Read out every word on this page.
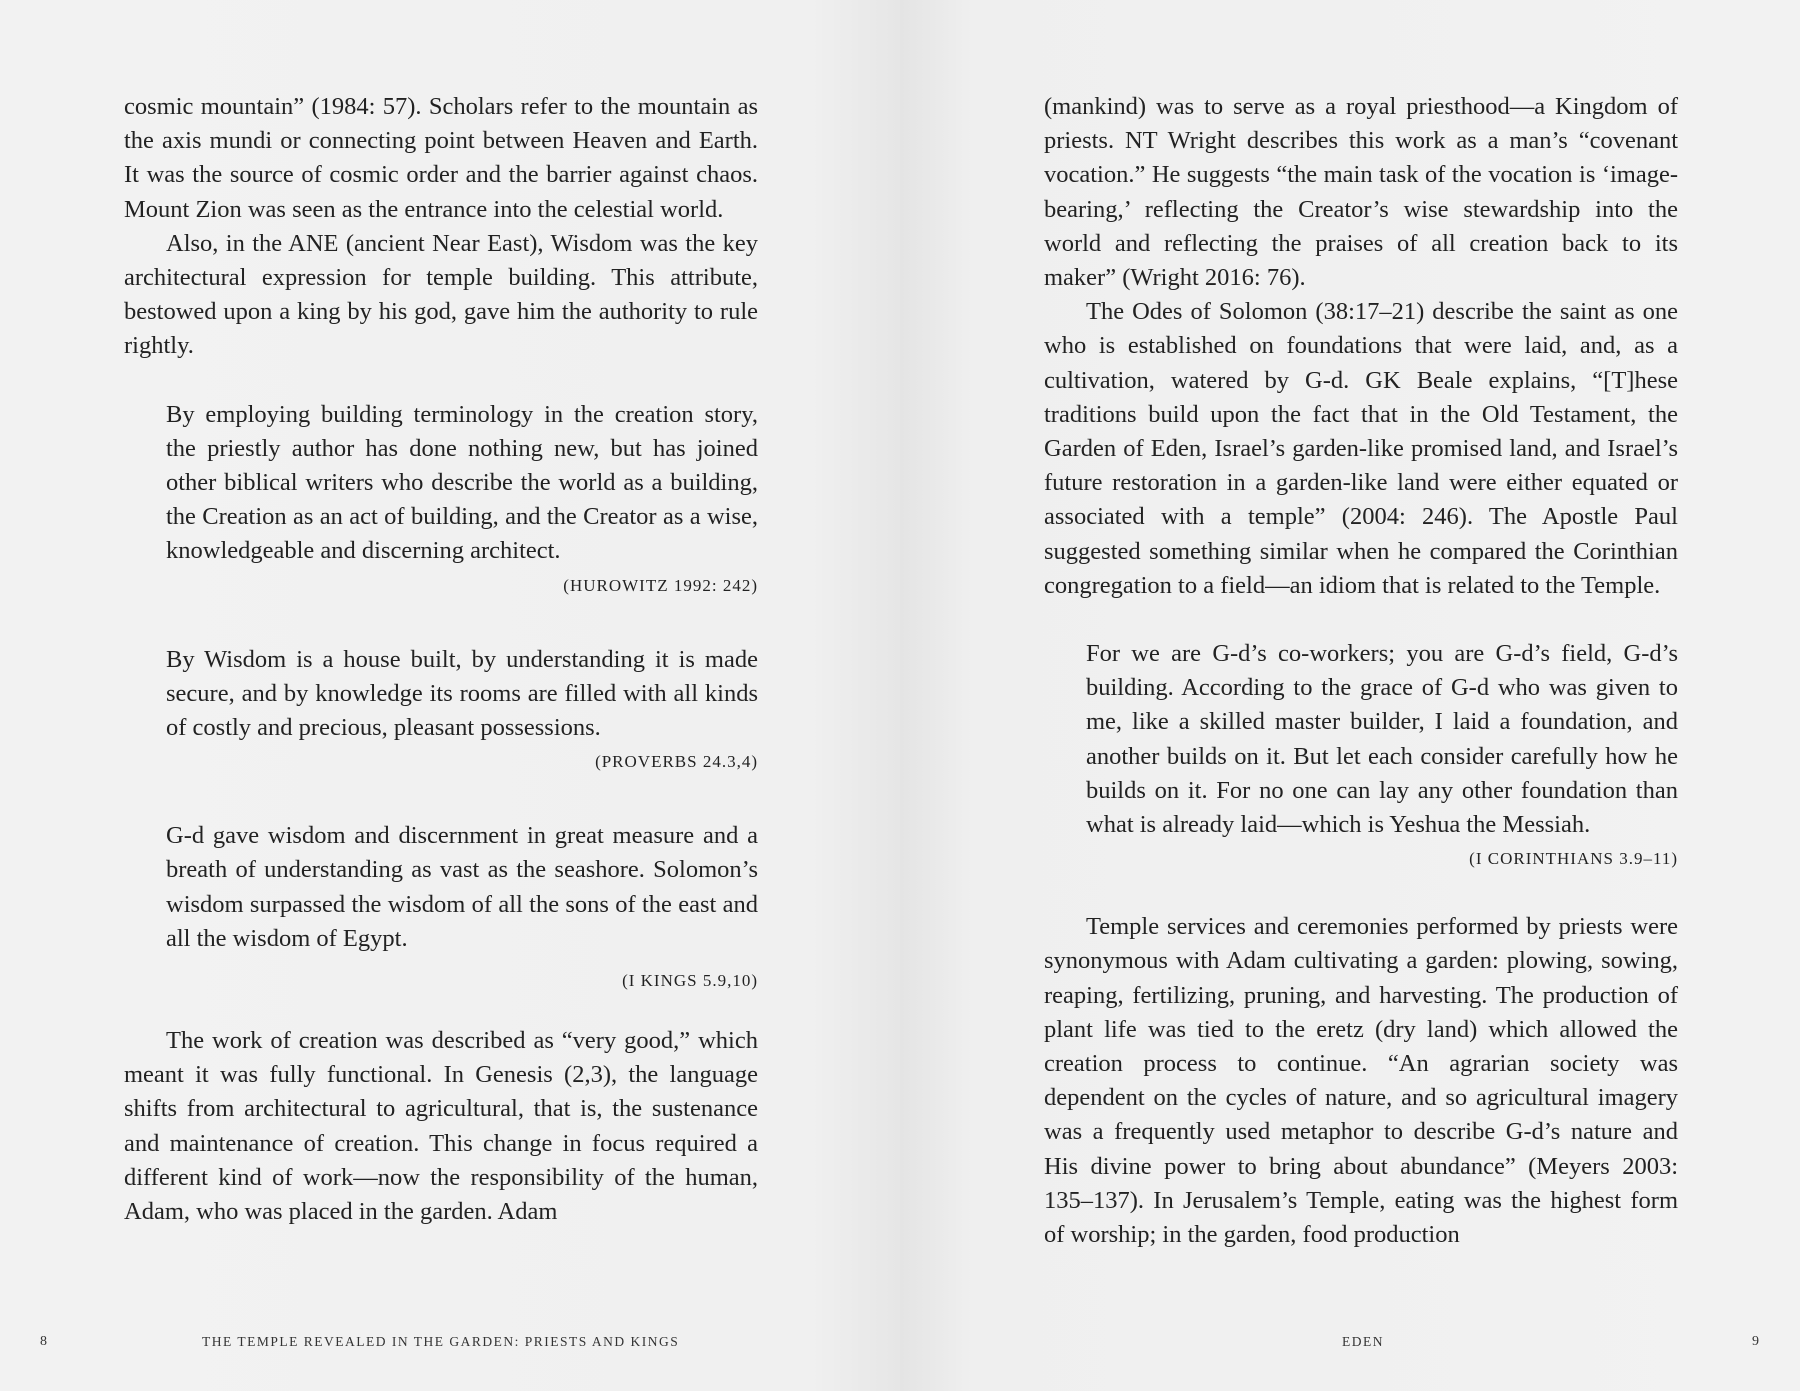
cosmic mountain” (1984: 57). Scholars refer to the mountain as the axis mundi or connecting point between Heaven and Earth. It was the source of cosmic order and the barrier against chaos. Mount Zion was seen as the entrance into the celestial world.

Also, in the ANE (ancient Near East), Wisdom was the key architectural expression for temple building. This attribute, bestowed upon a king by his god, gave him the authority to rule rightly.

By employing building terminology in the creation story, the priestly author has done nothing new, but has joined other biblical writers who describe the world as a building, the Creation as an act of building, and the Creator as a wise, knowledgeable and discerning architect.

(HUROWITZ 1992: 242)

By Wisdom is a house built, by understanding it is made secure, and by knowledge its rooms are filled with all kinds of costly and precious, pleasant possessions.

(PROVERBS 24.3,4)

G-d gave wisdom and discernment in great measure and a breath of understanding as vast as the seashore. Solomon’s wisdom surpassed the wisdom of all the sons of the east and all the wisdom of Egypt.

(I KINGS 5.9,10)

The work of creation was described as “very good,” which meant it was fully functional. In Genesis (2,3), the language shifts from architectural to agricultural, that is, the sustenance and maintenance of creation. This change in focus required a different kind of work—now the responsibility of the human, Adam, who was placed in the garden. Adam

8	THE TEMPLE REVEALED IN THE GARDEN: PRIESTS AND KINGS

(mankind) was to serve as a royal priesthood—a Kingdom of priests. NT Wright describes this work as a man’s “covenant vocation.” He suggests “the main task of the vocation is ‘image-bearing,’ reflecting the Creator’s wise stewardship into the world and reflecting the praises of all creation back to its maker” (Wright 2016: 76).

The Odes of Solomon (38:17–21) describe the saint as one who is established on foundations that were laid, and, as a cultivation, watered by G-d. GK Beale explains, “[T]hese traditions build upon the fact that in the Old Testament, the Garden of Eden, Israel’s garden-like promised land, and Israel’s future restoration in a garden-like land were either equated or associated with a temple” (2004: 246). The Apostle Paul suggested something similar when he compared the Corinthian congregation to a field—an idiom that is related to the Temple.

For we are G-d’s co-workers; you are G-d’s field, G-d’s building. According to the grace of G-d who was given to me, like a skilled master builder, I laid a foundation, and another builds on it. But let each consider carefully how he builds on it. For no one can lay any other foundation than what is already laid—which is Yeshua the Messiah.

(I CORINTHIANS 3.9–11)

Temple services and ceremonies performed by priests were synonymous with Adam cultivating a garden: plowing, sowing, reaping, fertilizing, pruning, and harvesting. The production of plant life was tied to the eretz (dry land) which allowed the creation process to continue. “An agrarian society was dependent on the cycles of nature, and so agricultural imagery was a frequently used metaphor to describe G-d’s nature and His divine power to bring about abundance” (Meyers 2003: 135–137). In Jerusalem’s Temple, eating was the highest form of worship; in the garden, food production

EDEN	9
